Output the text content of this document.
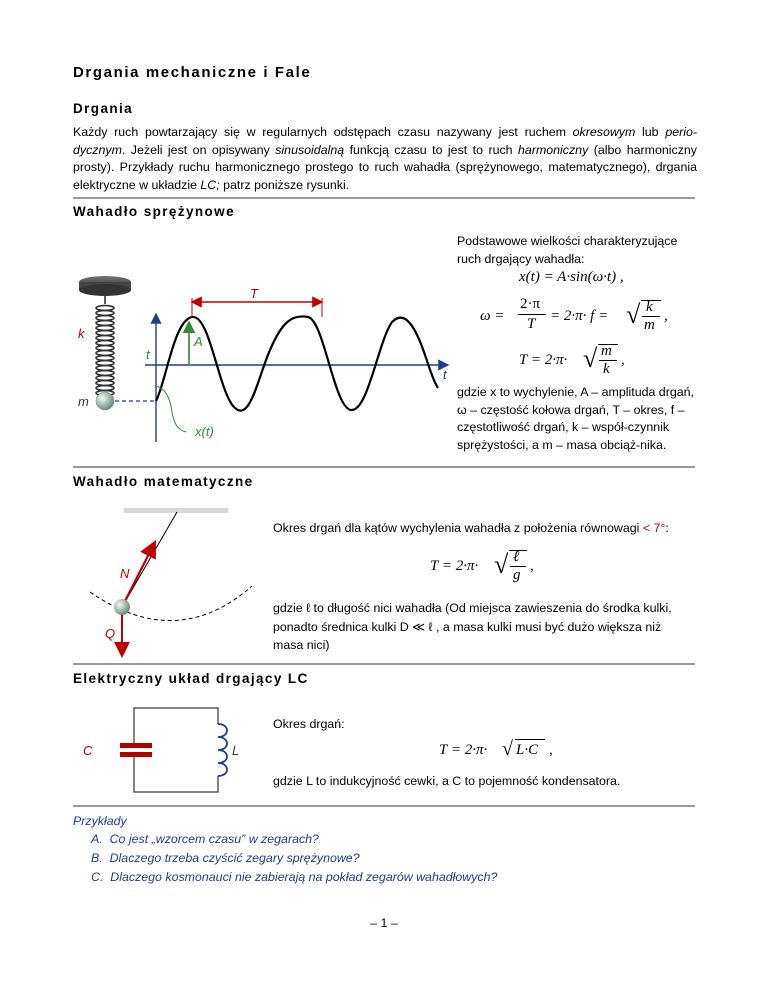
Drgania mechaniczne i Fale
Drgania
Każdy ruch powtarzający się w regularnych odstępach czasu nazywany jest ruchem okresowym lub perio-dycznym. Jeżeli jest on opisywany sinusoidalną funkcją czasu to jest to ruch harmoniczny (albo harmoniczny prosty). Przykłady ruchu harmonicznego prostego to ruch wahadła (sprężynowego, matematycznego), drgania elektryczne w układzie LC; patrz poniższe rysunki.
Wahadło sprężynowe
T
k
A
t
t
m
x(t)
Podstawowe wielkości charakteryzujące ruch drgający wahadła:
x(t) = A·sin(ω·t) ,
ω =
2·π
T = 2·π· f = √ k
m
,
T = 2·π· √ m
k
,
gdzie x to wychylenie, A – amplituda drgań, ω – częstość kołowa drgań, T – okres, f – częstotliwość drgań, k – współ-czynnik sprężystości, a m – masa obciąż-nika.
Wahadło matematyczne
N
Q
Okres drgań dla kątów wychylenia wahadła z położenia równowagi < 7°:
T = 2·π· √ ℓ
g
,
gdzie ℓ to długość nici wahadła (Od miejsca zawieszenia do środka kulki,
ponadto średnica kulki D ≪ ℓ , a masa kulki musi być dużo większa niż
masa nici)
Elektryczny układ drgający LC
C	L
Okres drgań:
T = 2·π· √ L·C ,
gdzie L to indukcyjność cewki, a C to pojemność kondensatora.
Przykłady
A. Co jest „wzorcem czasu” w zegarach?
B. Dlaczego trzeba czyścić zegary sprężynowe?
C. Dlaczego kosmonauci nie zabierają na pokład zegarów wahadłowych?
– 1 –
